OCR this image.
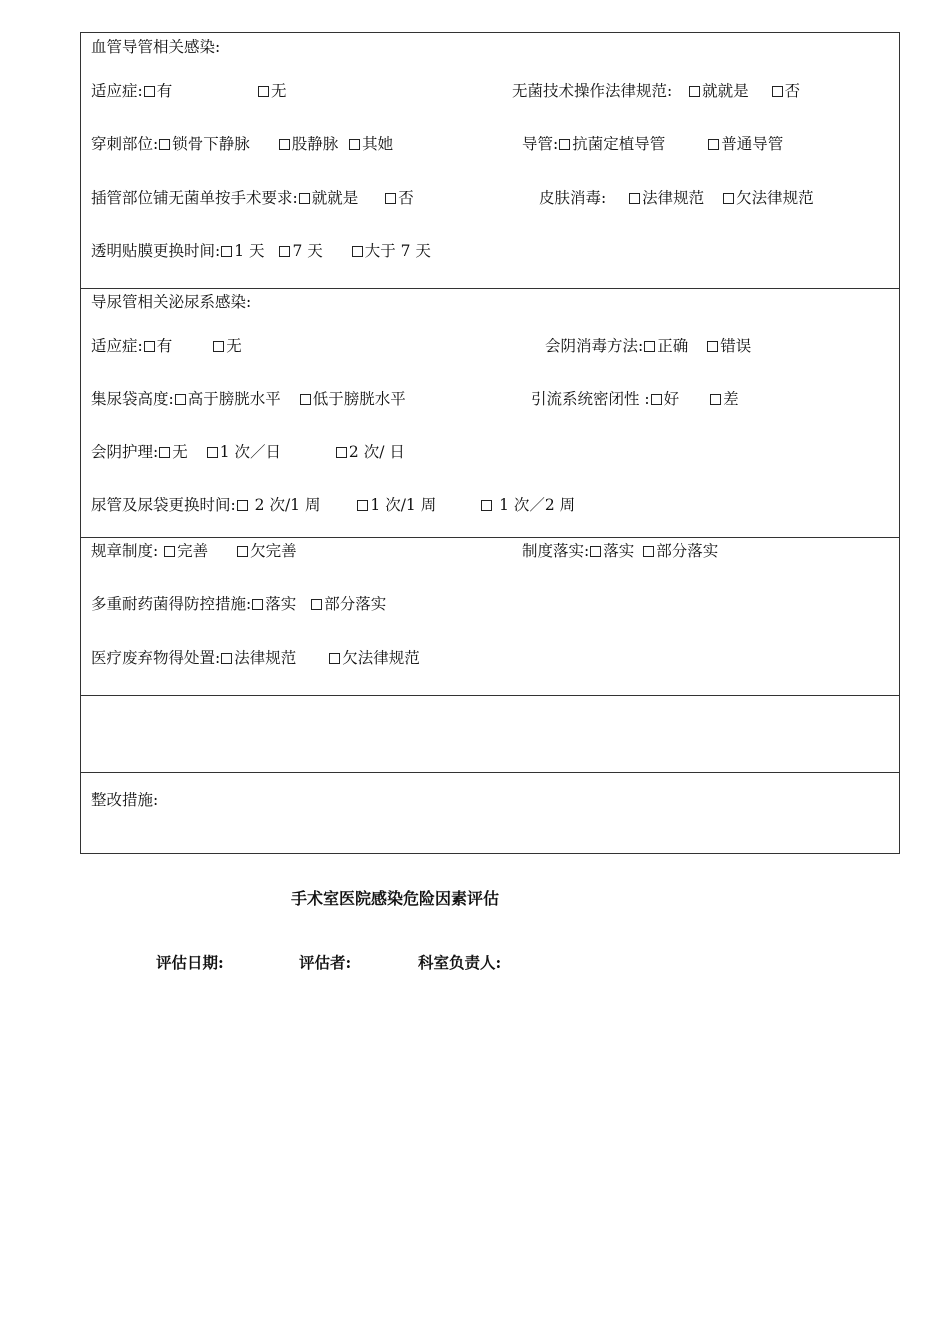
血管导管相关感染:
适应症: 有	无	无菌技术操作法律规范: 就就是 否
穿刺部位: 锁骨下静脉	股静脉 其她	导管: 抗菌定植导管	普通导管
插管部位铺无菌单按手术要求: 就就是	否	皮肤消毒: 法律规范 欠法律规范
透明贴膜更换时间: 1 天 7 天	大于 7 天
导尿管相关泌尿系感染:
适应症: 有	无	会阴消毒方法: 正确 错误
集尿袋高度: 高于膀胱水平 低于膀胱水平	引流系统密闭性 : 好	差
会阴护理: 无 1 次／日	2 次/ 日
尿管及尿袋更换时间: 2 次/1 周	1 次/1 周	1 次／2 周
规章制度: 完善	欠完善	制度落实: 落实 部分落实
多重耐药菌得防控措施: 落实 部分落实
医疗废弃物得处置: 法律规范	欠法律规范
整改措施:
手术室医院感染危险因素评估
评估日期:	评估者:	科室负责人:
